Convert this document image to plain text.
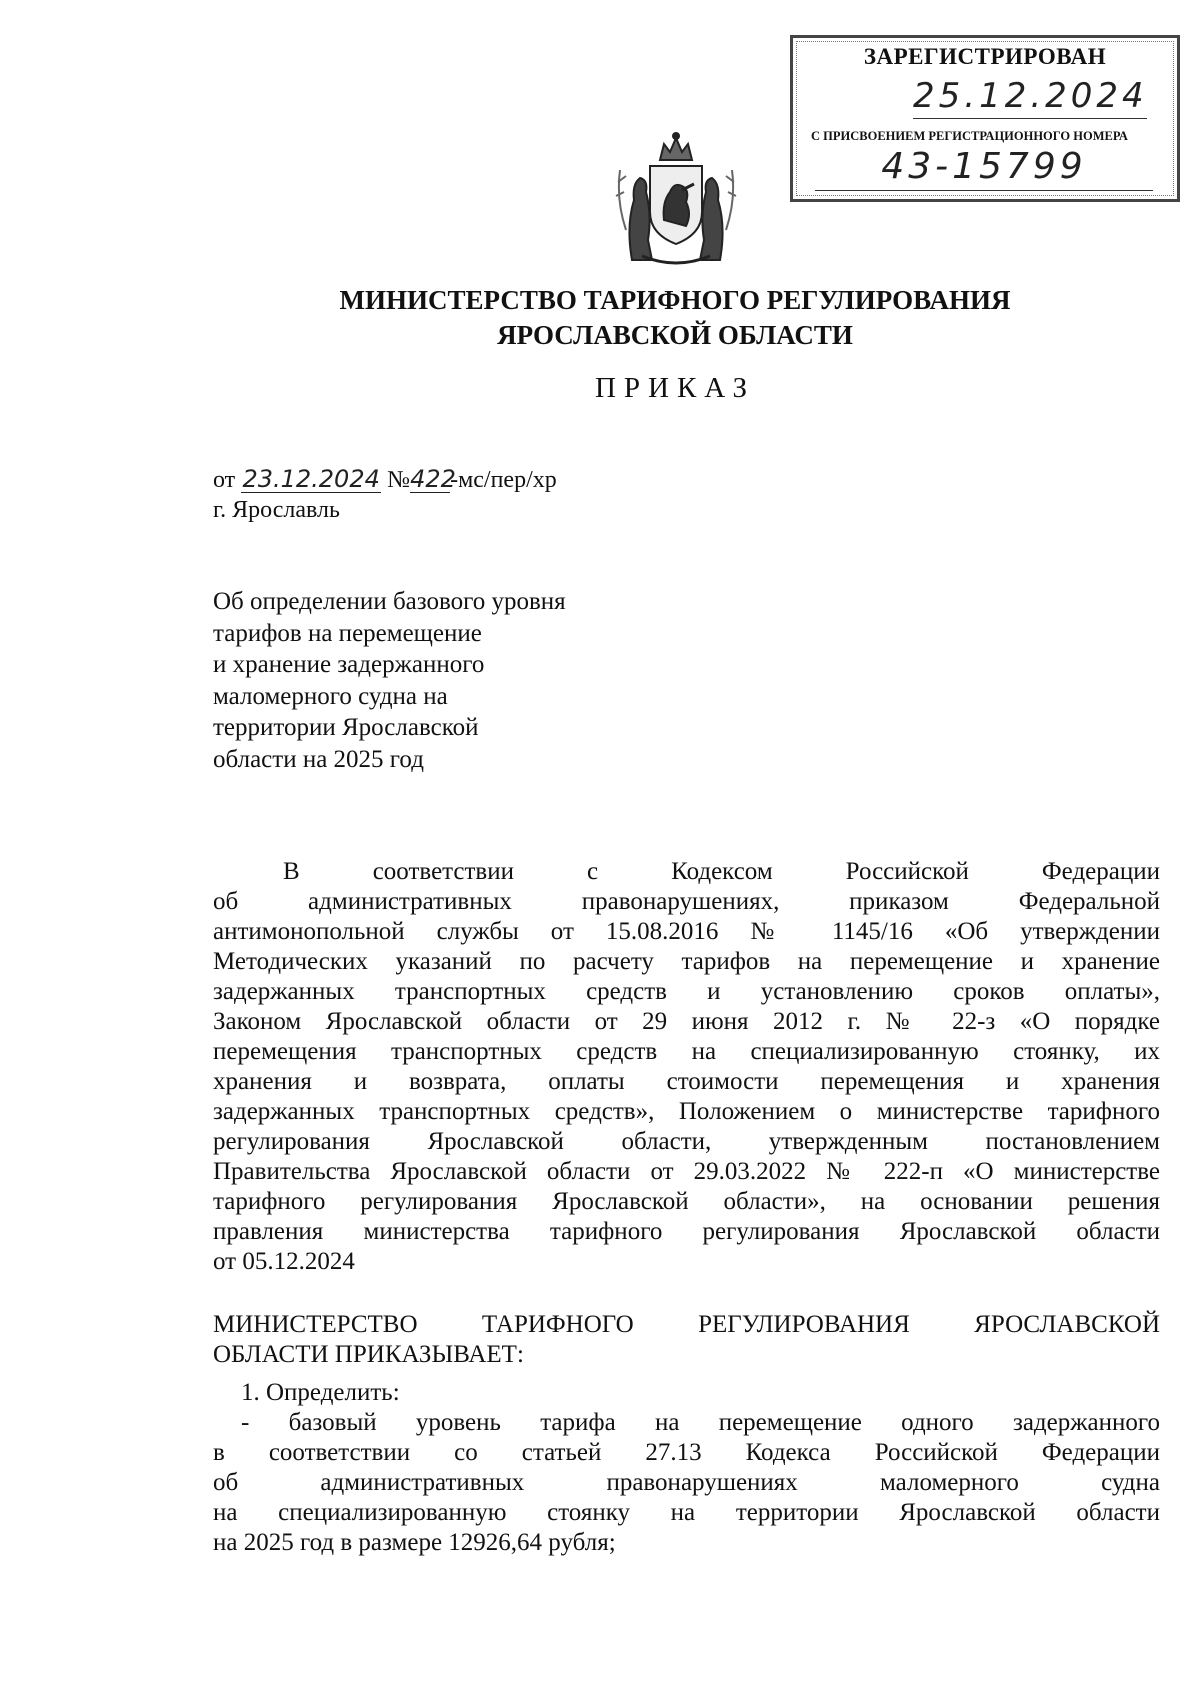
ЗАРЕГИСТРИРОВАН
25.12.2024
С ПРИСВОЕНИЕМ РЕГИСТРАЦИОННОГО НОМЕРА
43-15799
МИНИСТЕРСТВО ТАРИФНОГО РЕГУЛИРОВАНИЯ
ЯРОСЛАВСКОЙ ОБЛАСТИ
ПРИКАЗ
от 23.12.2024 №422-мс/пер/хр
г. Ярославль
Об определении базового уровня
тарифов на перемещение
и хранение задержанного
маломерного судна на
территории Ярославской
области на 2025 год
В соответствии с Кодексом Российской Федерации
об административных правонарушениях, приказом Федеральной
антимонопольной службы от 15.08.2016 № 1145/16 «Об утверждении
Методических указаний по расчету тарифов на перемещение и хранение
задержанных транспортных средств и установлению сроков оплаты»,
Законом Ярославской области от 29 июня 2012 г. № 22-з «О порядке
перемещения транспортных средств на специализированную стоянку, их
хранения и возврата, оплаты стоимости перемещения и хранения
задержанных транспортных средств», Положением о министерстве тарифного
регулирования Ярославской области, утвержденным постановлением
Правительства Ярославской области от 29.03.2022 № 222-п «О министерстве
тарифного регулирования Ярославской области», на основании решения
правления министерства тарифного регулирования Ярославской области
от 05.12.2024
МИНИСТЕРСТВО ТАРИФНОГО РЕГУЛИРОВАНИЯ ЯРОСЛАВСКОЙ
ОБЛАСТИ ПРИКАЗЫВАЕТ:
1. Определить:
- базовый уровень тарифа на перемещение одного задержанного
в соответствии со статьей 27.13 Кодекса Российской Федерации
об административных правонарушениях маломерного судна
на специализированную стоянку на территории Ярославской области
на 2025 год в размере 12926,64 рубля;
